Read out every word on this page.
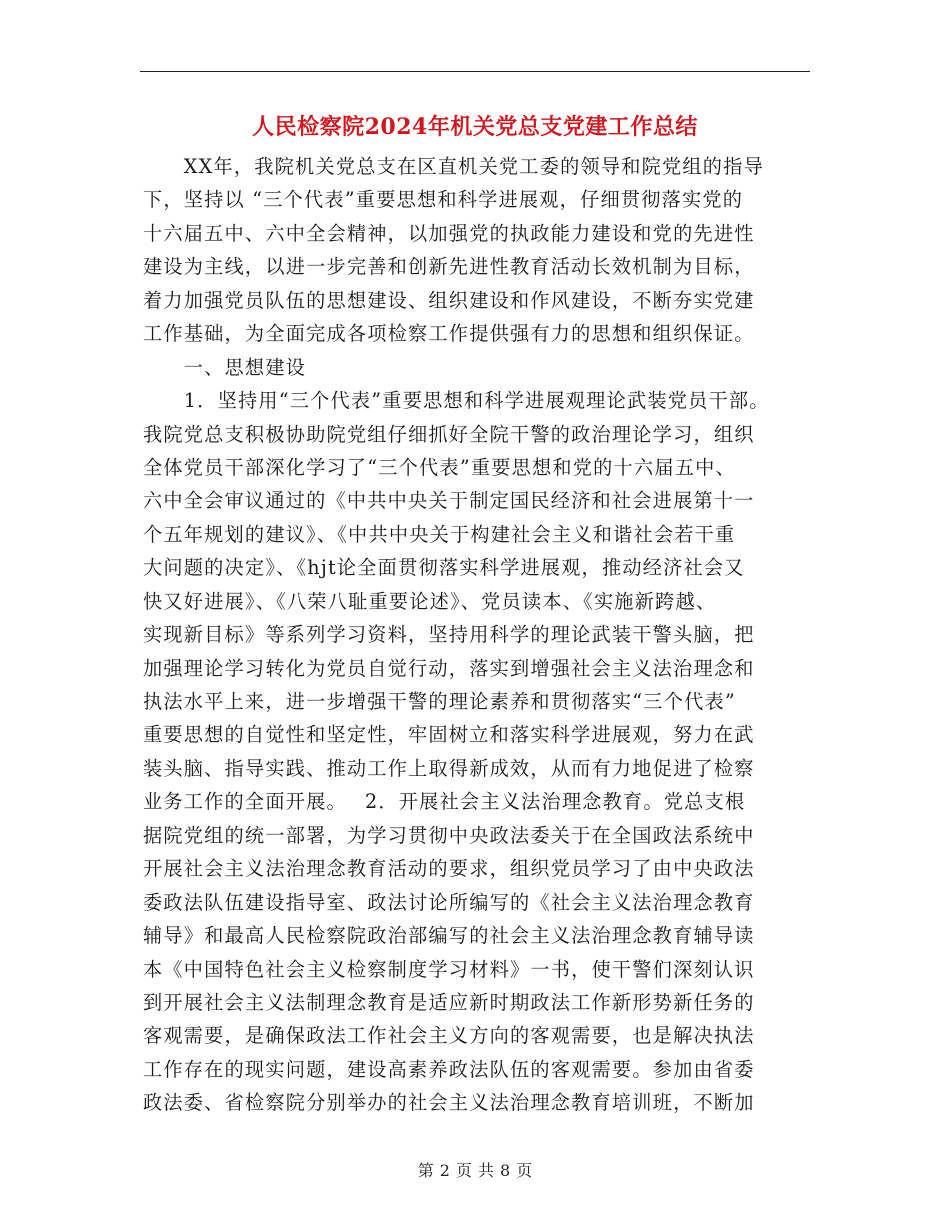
人民检察院2024年机关党总支党建工作总结
　　XX年，我院机关党总支在区直机关党工委的领导和院党组的指导
下，坚持以 “三个代表”重要思想和科学进展观，仔细贯彻落实党的
十六届五中、六中全会精神，以加强党的执政能力建设和党的先进性
建设为主线，以进一步完善和创新先进性教育活动长效机制为目标，
着力加强党员队伍的思想建设、组织建设和作风建设，不断夯实党建
工作基础，为全面完成各项检察工作提供强有力的思想和组织保证。
　　一、思想建设
　　1．坚持用“三个代表”重要思想和科学进展观理论武装党员干部。
我院党总支积极协助院党组仔细抓好全院干警的政治理论学习，组织
全体党员干部深化学习了“三个代表”重要思想和党的十六届五中、
六中全会审议通过的《中共中央关于制定国民经济和社会进展第十一
个五年规划的建议》、《中共中央关于构建社会主义和谐社会若干重
大问题的决定》、《hjt论全面贯彻落实科学进展观，推动经济社会又
快又好进展》、《八荣八耻重要论述》、党员读本、《实施新跨越、
实现新目标》等系列学习资料，坚持用科学的理论武装干警头脑，把
加强理论学习转化为党员自觉行动，落实到增强社会主义法治理念和
执法水平上来，进一步增强干警的理论素养和贯彻落实“三个代表”
重要思想的自觉性和坚定性，牢固树立和落实科学进展观，努力在武
装头脑、指导实践、推动工作上取得新成效，从而有力地促进了检察
业务工作的全面开展。　 2．开展社会主义法治理念教育。党总支根
据院党组的统一部署，为学习贯彻中央政法委关于在全国政法系统中
开展社会主义法治理念教育活动的要求，组织党员学习了由中央政法
委政法队伍建设指导室、政法讨论所编写的《社会主义法治理念教育
辅导》和最高人民检察院政治部编写的社会主义法治理念教育辅导读
本《中国特色社会主义检察制度学习材料》一书，使干警们深刻认识
到开展社会主义法制理念教育是适应新时期政法工作新形势新任务的
客观需要，是确保政法工作社会主义方向的客观需要，也是解决执法
工作存在的现实问题，建设高素养政法队伍的客观需要。参加由省委
政法委、省检察院分别举办的社会主义法治理念教育培训班，不断加
第 2 页 共 8 页
